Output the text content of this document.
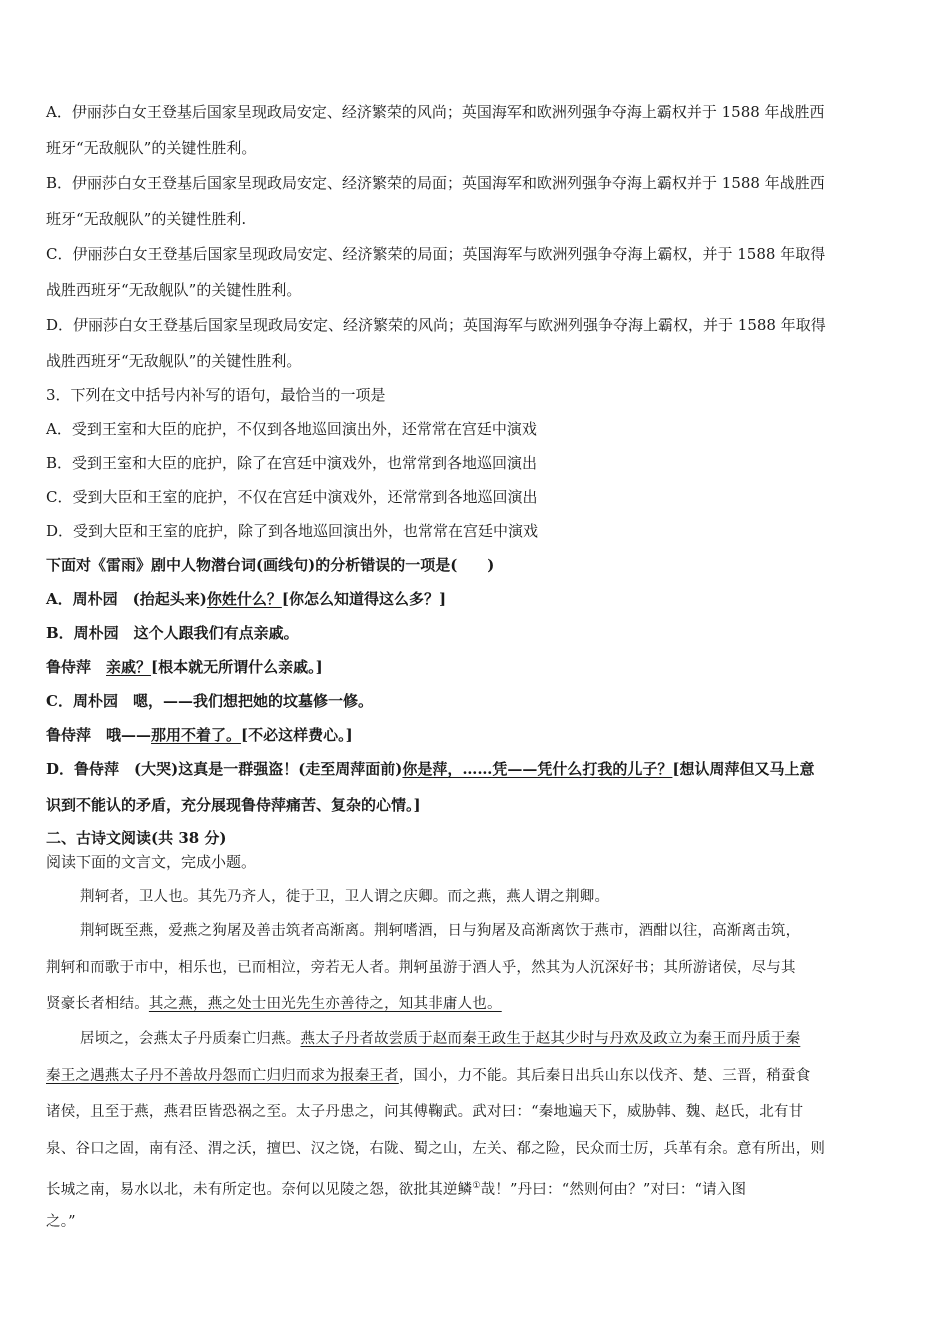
A．伊丽莎白女王登基后国家呈现政局安定、经济繁荣的风尚；英国海军和欧洲列强争夺海上霸权并于 1588 年战胜西
班牙“无敌舰队”的关键性胜利。
B．伊丽莎白女王登基后国家呈现政局安定、经济繁荣的局面；英国海军和欧洲列强争夺海上霸权并于 1588 年战胜西
班牙“无敌舰队”的关键性胜利.
C．伊丽莎白女王登基后国家呈现政局安定、经济繁荣的局面；英国海军与欧洲列强争夺海上霸权，并于 1588 年取得
战胜西班牙“无敌舰队”的关键性胜利。
D．伊丽莎白女王登基后国家呈现政局安定、经济繁荣的风尚；英国海军与欧洲列强争夺海上霸权，并于 1588 年取得
战胜西班牙“无敌舰队”的关键性胜利。
3．下列在文中括号内补写的语句，最恰当的一项是
A．受到王室和大臣的庇护，不仅到各地巡回演出外，还常常在宫廷中演戏
B．受到王室和大臣的庇护，除了在宫廷中演戏外，也常常到各地巡回演出
C．受到大臣和王室的庇护，不仅在宫廷中演戏外，还常常到各地巡回演出
D．受到大臣和王室的庇护，除了到各地巡回演出外，也常常在宫廷中演戏
下面对《雷雨》剧中人物潜台词(画线句)的分析错误的一项是(　　)
A．周朴园　(抬起头来)你姓什么？[你怎么知道得这么多？]
B．周朴园　这个人跟我们有点亲戚。
鲁侍萍　亲戚？[根本就无所谓什么亲戚。]
C．周朴园　嗯，——我们想把她的坟墓修一修。
鲁侍萍　哦——那用不着了。[不必这样费心。]
D．鲁侍萍　(大哭)这真是一群强盗！(走至周萍面前)你是萍，……凭——凭什么打我的儿子？[想认周萍但又马上意
识到不能认的矛盾，充分展现鲁侍萍痛苦、复杂的心情。]
二、古诗文阅读(共 38 分)
阅读下面的文言文，完成小题。
荆轲者，卫人也。其先乃齐人，徙于卫，卫人谓之庆卿。而之燕，燕人谓之荆卿。
荆轲既至燕，爱燕之狗屠及善击筑者高渐离。荆轲嗜酒，日与狗屠及高渐离饮于燕市，酒酣以往，高渐离击筑，
荆轲和而歌于市中，相乐也，已而相泣，旁若无人者。荆轲虽游于酒人乎，然其为人沉深好书；其所游诸侯，尽与其
贤豪长者相结。其之燕，燕之处士田光先生亦善待之，知其非庸人也。
居顷之，会燕太子丹质秦亡归燕。燕太子丹者故尝质于赵而秦王政生于赵其少时与丹欢及政立为秦王而丹质于秦
秦王之遇燕太子丹不善故丹怨而亡归归而求为报秦王者，国小，力不能。其后秦日出兵山东以伐齐、楚、三晋，稍蚕食
诸侯，且至于燕，燕君臣皆恐祸之至。太子丹患之，问其傅鞠武。武对曰：“秦地遍天下，威胁韩、魏、赵氏，北有甘
泉、谷口之固，南有泾、渭之沃，擅巴、汉之饶，右陇、蜀之山，左关、郩之险，民众而士厉，兵革有余。意有所出，则
长城之南，易水以北，未有所定也。奈何以见陵之怨，欲批其逆鳞①哉！”丹曰：“然则何由？”对曰：“请入图
之。”
